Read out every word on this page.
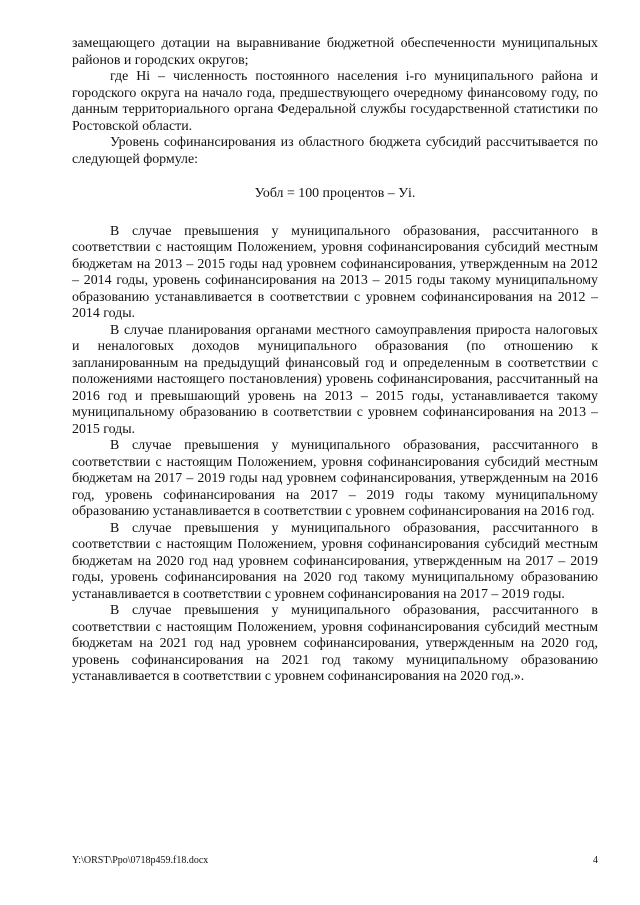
замещающего дотации на выравнивание бюджетной обеспеченности муниципальных районов и городских округов;

где Hi – численность постоянного населения i-го муниципального района и городского округа на начало года, предшествующего очередному финансовому году, по данным территориального органа Федеральной службы государственной статистики по Ростовской области.

Уровень софинансирования из областного бюджета субсидий рассчитывается по следующей формуле:

Уобл = 100 процентов – Уi.

В случае превышения у муниципального образования, рассчитанного в соответствии с настоящим Положением, уровня софинансирования субсидий местным бюджетам на 2013 – 2015 годы над уровнем софинансирования, утвержденным на 2012 – 2014 годы, уровень софинансирования на 2013 – 2015 годы такому муниципальному образованию устанавливается в соответствии с уровнем софинансирования на 2012 – 2014 годы.

В случае планирования органами местного самоуправления прироста налоговых и неналоговых доходов муниципального образования (по отношению к запланированным на предыдущий финансовый год и определенным в соответствии с положениями настоящего постановления) уровень софинансирования, рассчитанный на 2016 год и превышающий уровень на 2013 – 2015 годы, устанавливается такому муниципальному образованию в соответствии с уровнем софинансирования на 2013 – 2015 годы.

В случае превышения у муниципального образования, рассчитанного в соответствии с настоящим Положением, уровня софинансирования субсидий местным бюджетам на 2017 – 2019 годы над уровнем софинансирования, утвержденным на 2016 год, уровень софинансирования на 2017 – 2019 годы такому муниципальному образованию устанавливается в соответствии с уровнем софинансирования на 2016 год.

В случае превышения у муниципального образования, рассчитанного в соответствии с настоящим Положением, уровня софинансирования субсидий местным бюджетам на 2020 год над уровнем софинансирования, утвержденным на 2017 – 2019 годы, уровень софинансирования на 2020 год такому муниципальному образованию устанавливается в соответствии с уровнем софинансирования на 2017 – 2019 годы.

В случае превышения у муниципального образования, рассчитанного в соответствии с настоящим Положением, уровня софинансирования субсидий местным бюджетам на 2021 год над уровнем софинансирования, утвержденным на 2020 год, уровень софинансирования на 2021 год такому муниципальному образованию устанавливается в соответствии с уровнем софинансирования на 2020 год.».

Y:\ORST\Ppo\0718p459.f18.docx	4
